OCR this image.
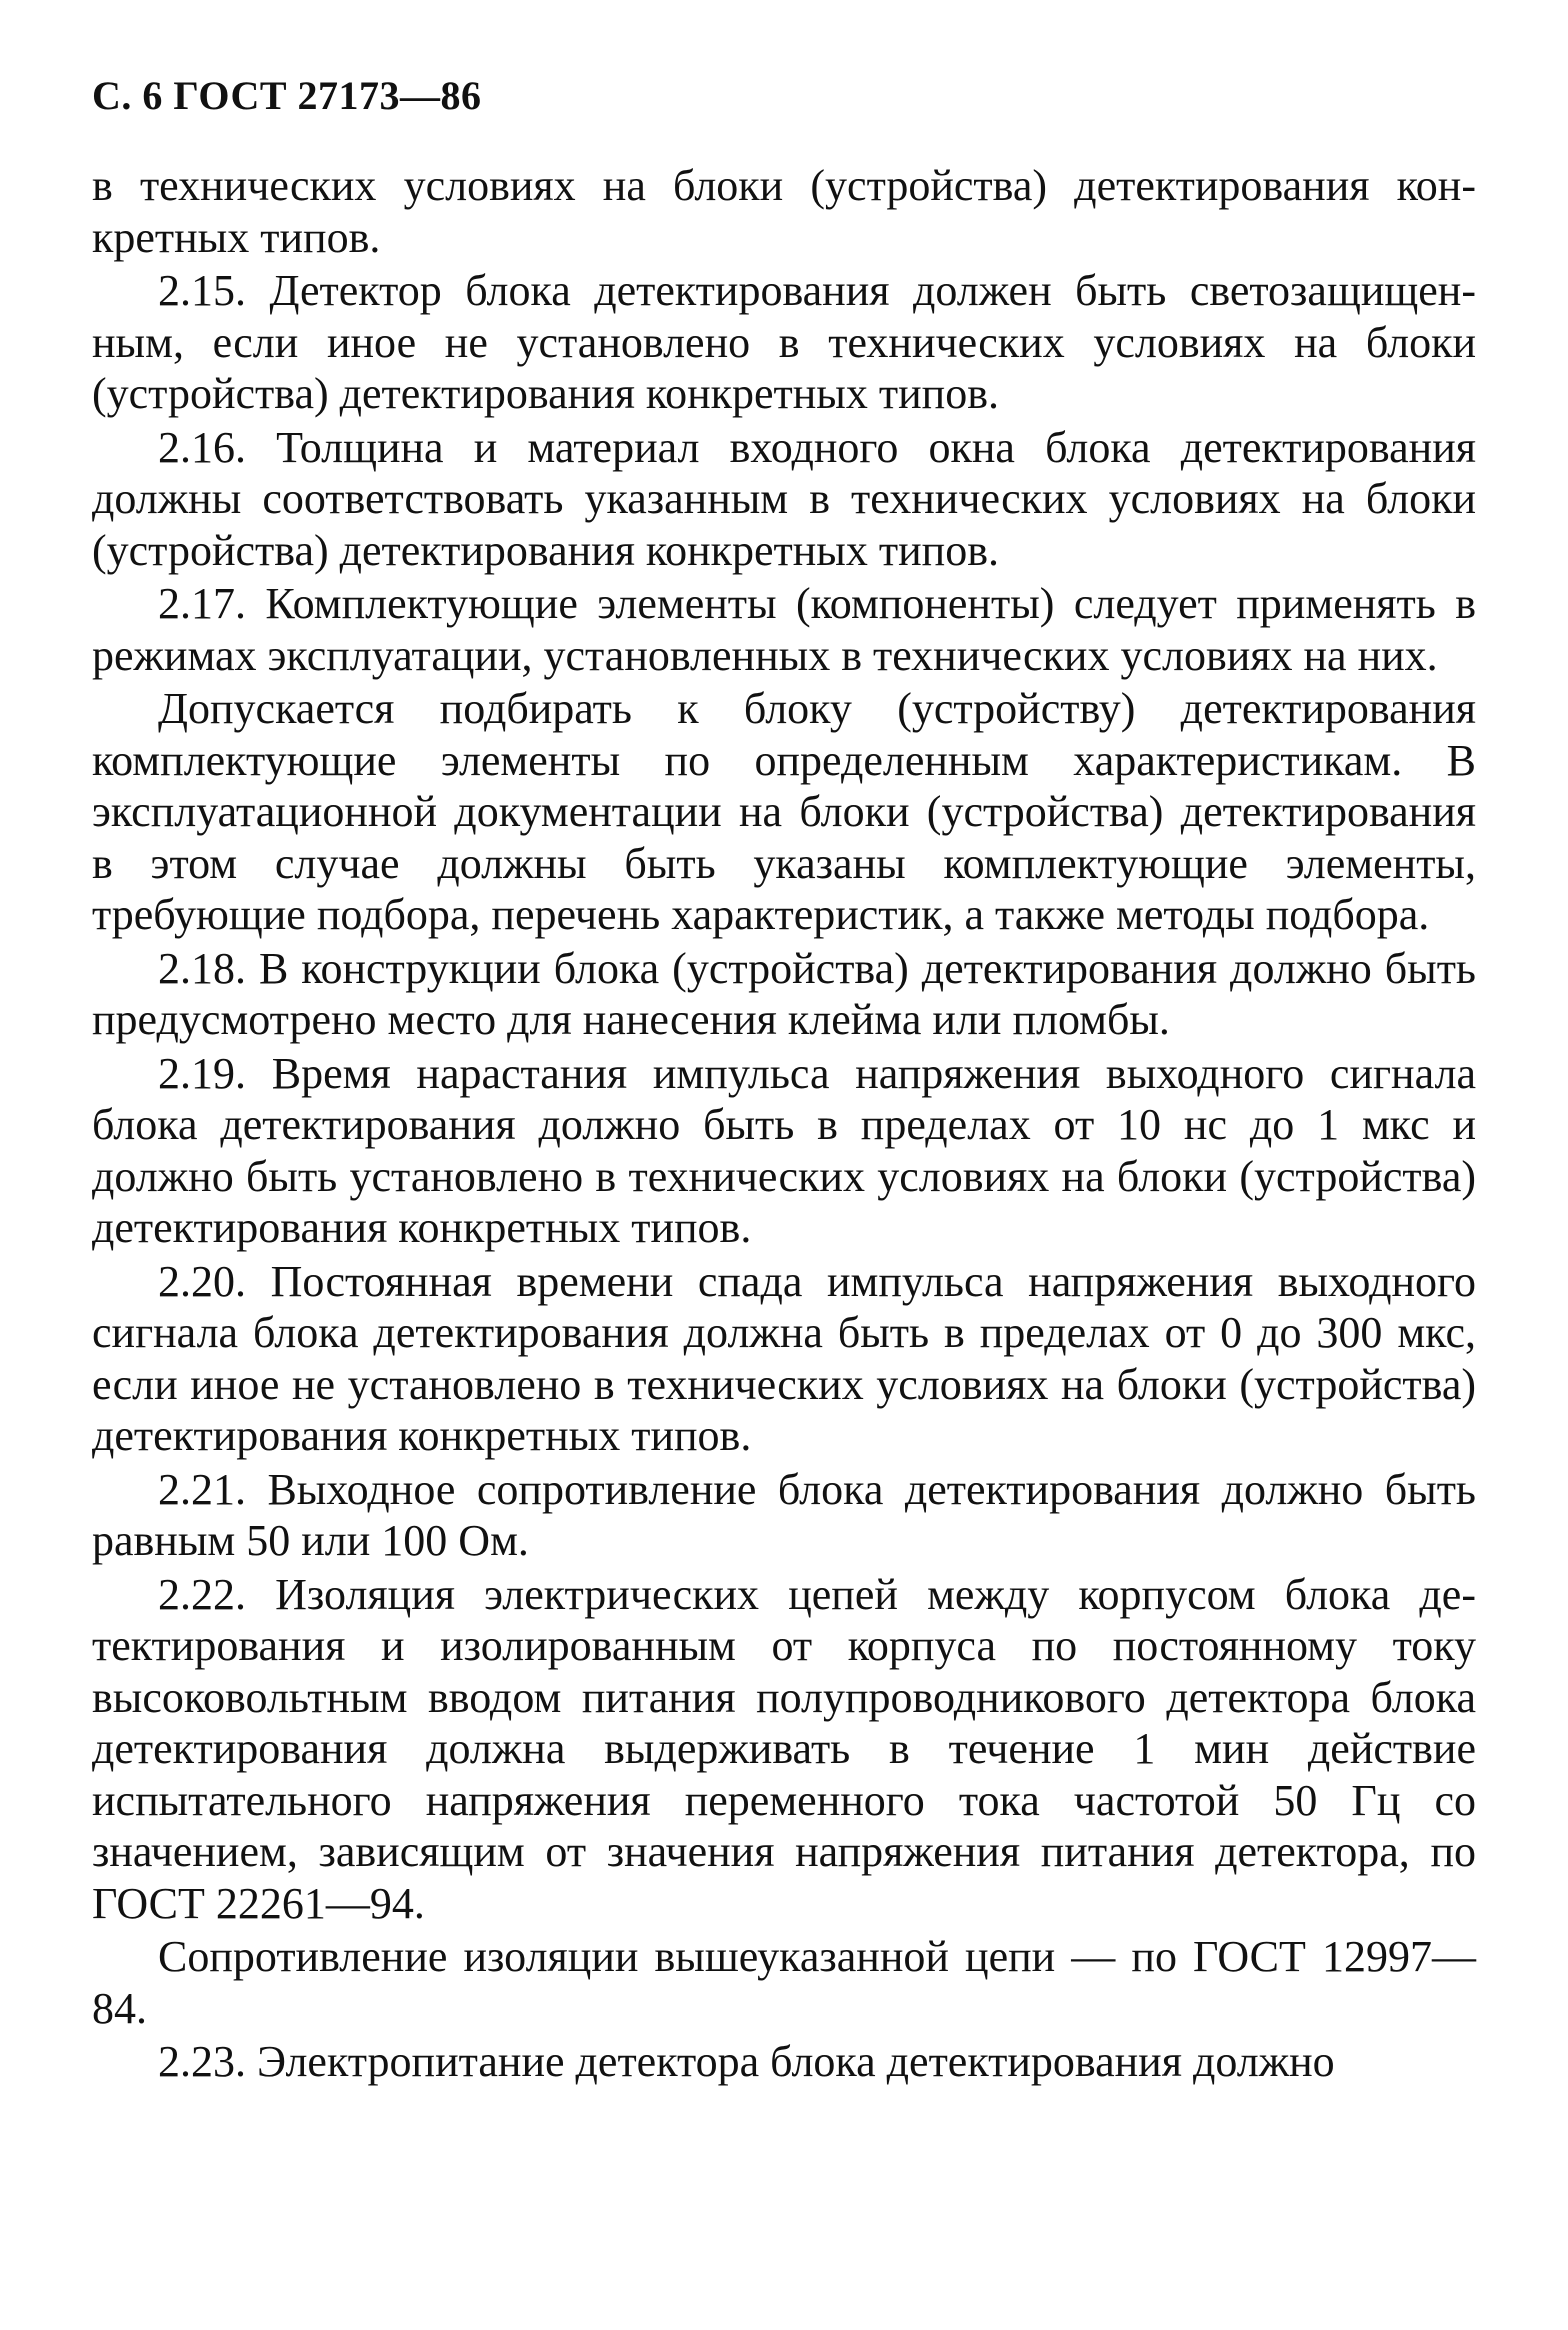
С. 6 ГОСТ 27173—86

в технических условиях на блоки (устройства) детектирования конкретных типов.

2.15. Детектор блока детектирования должен быть светозащищенным, если иное не установлено в технических условиях на блоки (устройства) детектирования конкретных типов.

2.16. Толщина и материал входного окна блока детектирования должны соответствовать указанным в технических условиях на блоки (устройства) детектирования конкретных типов.

2.17. Комплектующие элементы (компоненты) следует применять в режимах эксплуатации, установленных в технических условиях на них.

Допускается подбирать к блоку (устройству) детектирования комплектующие элементы по определенным характеристикам. В эксплуатационной документации на блоки (устройства) детектирования в этом случае должны быть указаны комплектующие элементы, требующие подбора, перечень характеристик, а также методы подбора.

2.18. В конструкции блока (устройства) детектирования должно быть предусмотрено место для нанесения клейма или пломбы.

2.19. Время нарастания импульса напряжения выходного сигнала блока детектирования должно быть в пределах от 10 нс до 1 мкс и должно быть установлено в технических условиях на блоки (устройства) детектирования конкретных типов.

2.20. Постоянная времени спада импульса напряжения выходного сигнала блока детектирования должна быть в пределах от 0 до 300 мкс, если иное не установлено в технических условиях на блоки (устройства) детектирования конкретных типов.

2.21. Выходное сопротивление блока детектирования должно быть равным 50 или 100 Ом.

2.22. Изоляция электрических цепей между корпусом блока детектирования и изолированным от корпуса по постоянному току высоковольтным вводом питания полупроводникового детектора блока детектирования должна выдерживать в течение 1 мин действие испытательного напряжения переменного тока частотой 50 Гц со значением, зависящим от значения напряжения питания детектора, по ГОСТ 22261—94.

Сопротивление изоляции вышеуказанной цепи — по ГОСТ 12997—84.

2.23. Электропитание детектора блока детектирования должно
